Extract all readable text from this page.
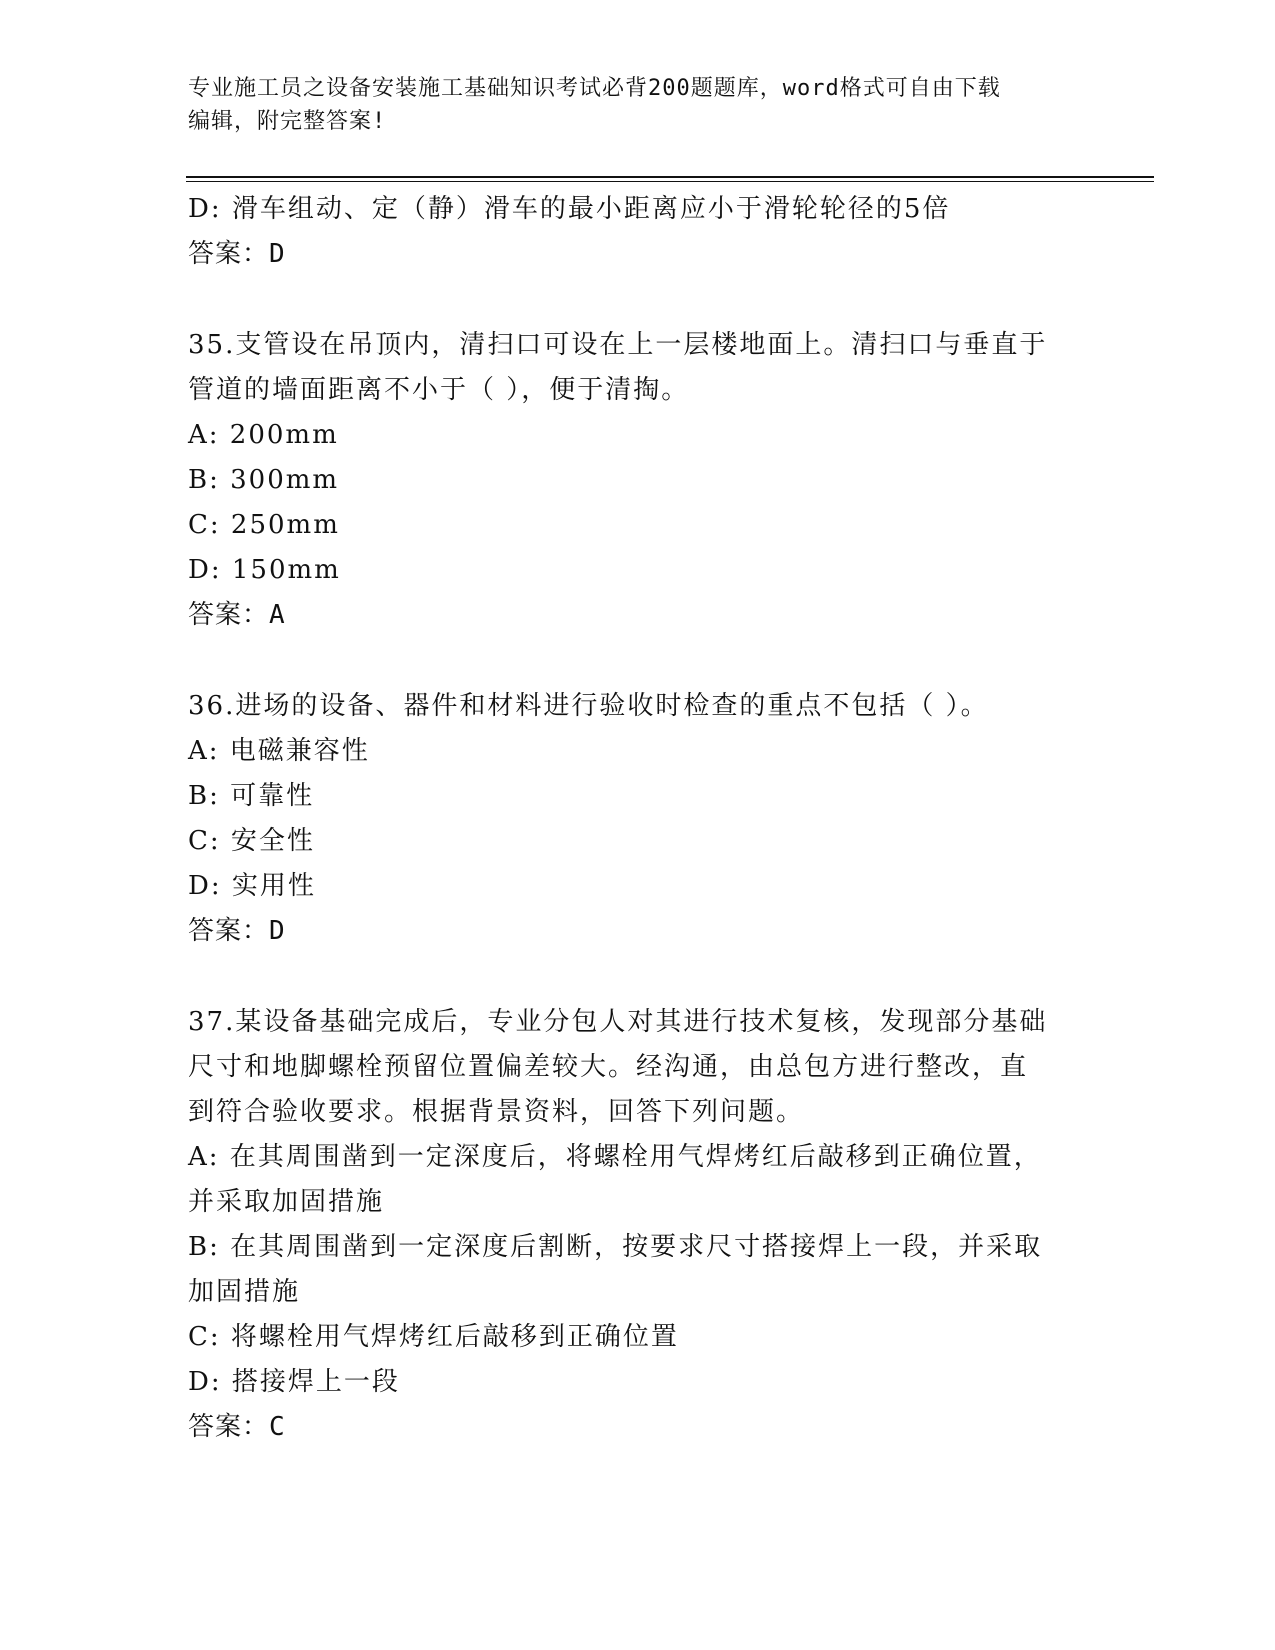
专业施工员之设备安装施工基础知识考试必背200题题库，word格式可自由下载
编辑，附完整答案!
D: 滑车组动、定（静）滑车的最小距离应小于滑轮轮径的5倍
答案：D
35.支管设在吊顶内，清扫口可设在上一层楼地面上。清扫口与垂直于
管道的墙面距离不小于（ ），便于清掏。
A: 200mm
B: 300mm
C: 250mm
D: 150mm
答案：A
36.进场的设备、器件和材料进行验收时检查的重点不包括（ ）。
A: 电磁兼容性
B: 可靠性
C: 安全性
D: 实用性
答案：D
37.某设备基础完成后，专业分包人对其进行技术复核，发现部分基础
尺寸和地脚螺栓预留位置偏差较大。经沟通，由总包方进行整改，直
到符合验收要求。根据背景资料，回答下列问题。
A: 在其周围凿到一定深度后，将螺栓用气焊烤红后敲移到正确位置，
并采取加固措施
B: 在其周围凿到一定深度后割断，按要求尺寸搭接焊上一段，并采取
加固措施
C: 将螺栓用气焊烤红后敲移到正确位置
D: 搭接焊上一段
答案：C
